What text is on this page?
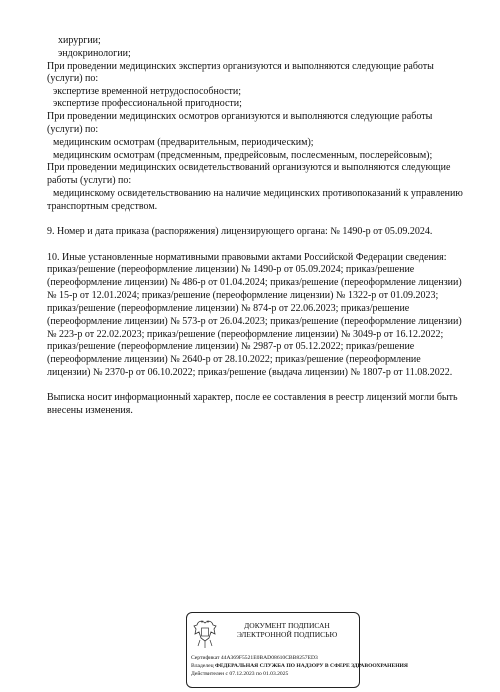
хирургии;
эндокринологии;
При проведении медицинских экспертиз организуются и выполняются следующие работы
(услуги) по:
экспертизе временной нетрудоспособности;
экспертизе профессиональной пригодности;
При проведении медицинских осмотров организуются и выполняются следующие работы
(услуги) по:
медицинским осмотрам (предварительным, периодическим);
медицинским осмотрам (предсменным, предрейсовым, послесменным, послерейсовым);
При проведении медицинских освидетельствований организуются и выполняются следующие
работы (услуги) по:
медицинскому освидетельствованию на наличие медицинских противопоказаний к управлению
транспортным средством.
9. Номер и дата приказа (распоряжения) лицензирующего органа: № 1490-р от 05.09.2024.
10. Иные установленные нормативными правовыми актами Российской Федерации сведения:
приказ/решение (переоформление лицензии) № 1490-р от 05.09.2024; приказ/решение
(переоформление лицензии) № 486-р от 01.04.2024; приказ/решение (переоформление лицензии)
№ 15-р от 12.01.2024; приказ/решение (переоформление лицензии) № 1322-р от 01.09.2023;
приказ/решение (переоформление лицензии) № 874-р от 22.06.2023; приказ/решение
(переоформление лицензии) № 573-р от 26.04.2023; приказ/решение (переоформление лицензии)
№ 223-р от 22.02.2023; приказ/решение (переоформление лицензии) № 3049-р от 16.12.2022;
приказ/решение (переоформление лицензии) № 2987-р от 05.12.2022; приказ/решение
(переоформление лицензии) № 2640-р от 28.10.2022; приказ/решение (переоформление
лицензии) № 2370-р от 06.10.2022; приказ/решение (выдача лицензии) № 1807-р от 11.08.2022.
Выписка носит информационный характер, после ее составления в реестр лицензий могли быть
внесены изменения.
ДОКУМЕНТ ПОДПИСАН
ЭЛЕКТРОННОЙ ПОДПИСЬЮ
Сертификат 44A369F5521E0BAD08610CBB8257ED3
Владелец ФЕДЕРАЛЬНАЯ СЛУЖБА ПО НАДЗОРУ В СФЕРЕ ЗДРАВООХРАНЕНИЯ
Действителен с 07.12.2023 по 01.03.2025
